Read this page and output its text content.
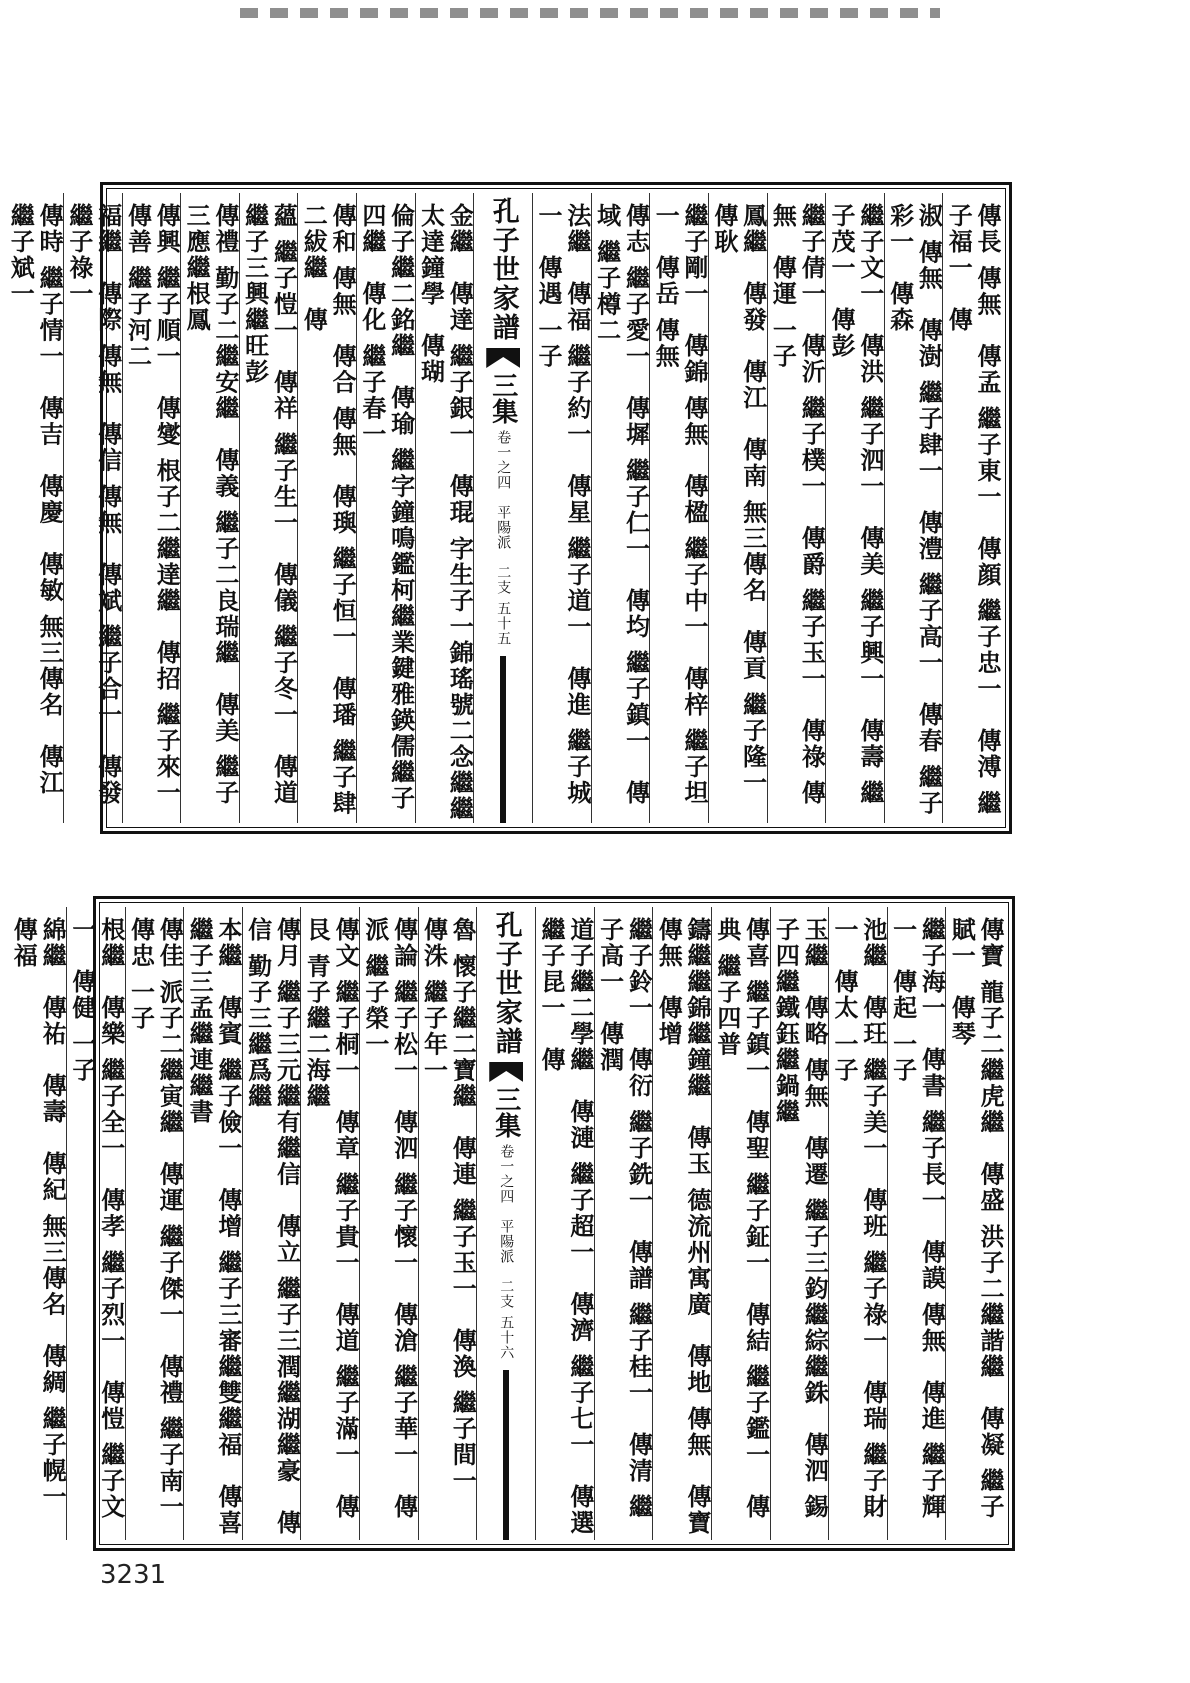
傳長 傳無　傳孟 繼子東一　傳顔 繼子忠一　傳溥 繼子福一　傳
淑 傳無　傳澍 繼子肆一　傳澧 繼子高一　傳春 繼子彩一　傳森
繼子文一　傳洪 繼子泗一　傳美 繼子興一　傳壽 繼子茂一　傳彭
繼子倩一　傳沂 繼子樸一　傳爵 繼子玉一　傳祿 傳無　傳運 一子
鳳繼　傳發　傳江　傳南 無三傳名　傳貢 繼子隆一　傳耿
繼子剛一　傳錦 傳無　傳楹 繼子中一　傳梓 繼子坦一　傳岳 傳無
傳志 繼子愛一　傳墀 繼子仁一　傳均 繼子鎮一　傳域 繼子樽二
法繼　傳福 繼子約一　傳星 繼子道一　傳進 繼子城一　傳遇 一子
孔子世家譜
三集
卷一之四　平陽派　二支
五十五
金繼　傳達 繼子銀一　傳琨 字生子一錦瑤號二念繼繼太達鐘學　傳瑚
倫子繼二銘繼　傳瑜 繼字鐘鳴鑑柯繼業鍵雅鍈儒繼子四繼　傳化 繼子春一
傳和 傳無　傳合 傳無　傳璵 繼子恒一　傳璠 繼子肆二紱繼　傳
蘊 繼子愷一　傳祥 繼子生一　傳儀 繼子冬一　傳道 繼子三興繼旺彭
傳禮 勤子二繼安繼　傳義 繼子二良瑞繼　傳美 繼子三應繼根鳳
傳興 繼子順一　傳燮 根子二繼達繼　傳招 繼子來一　傳善 繼子河二
福繼　傳際 傳無　傳信 傳無　傳斌 繼子合一　傳發 繼子祿一
傳時 繼子情一　傳吉　傳慶　傳敏 無三傳名　傳江 繼子斌一
傳寶 龍子二繼虎繼　傳盛 洪子二繼諧繼　傳凝 繼子賦一　傳琴
繼子海一　傳書 繼子長一　傳謨 傳無　傳進 繼子輝一　傳起 一子
池繼　傳玨 繼子美一　傳班 繼子祿一　傳瑞 繼子財一　傳太 一子
玉繼　傳略 傳無　傳遷 繼子三鈞繼綜繼銖　傳泗 錫子四繼鐵鈺繼鍋繼
傳喜 繼子鎮一　傳聖 繼子鉦一　傳結 繼子鑑一　傳典 繼子四普
鑄繼繼錦繼鐘繼　傳玉 德流州寓廣　傳地 傳無　傳寶 傳無　傳增
繼子鈴一　傳衍 繼子銑一　傳譜 繼子桂一　傳清 繼子高一　傳潤
道子繼二學繼　傳漣 繼子超一　傳濟 繼子七一　傳選 繼子昆一　傳
孔子世家譜
三集
卷一之四　平陽派　二支
五十六
魯 懷子繼二寶繼　傳連 繼子玉一　傳渙 繼子間一　傳洙 繼子年一
傳論 繼子松一　傳泗 繼子懷一　傳滄 繼子華一　傳派 繼子榮一
傳文 繼子桐一　傳章 繼子貴一　傳道 繼子滿一　傳艮 青子繼二海繼
傳月 繼子三元繼有繼信　傳立 繼子三潤繼湖繼豪　傳信 勤子三繼爲繼
本繼　傳賓 繼子儉一　傳增 繼子三審繼雙繼福　傳喜 繼子三孟繼連繼書
傳佳 派子二繼寅繼　傳運 繼子傑一　傳禮 繼子南一　傳忠 一子
根繼　傳樂 繼子全一　傳孝 繼子烈一　傳愷 繼子文一　傳健 一子
綿繼　傳祐　傳壽　傳紀 無三傳名　傳綢 繼子幌一　傳福
3231
